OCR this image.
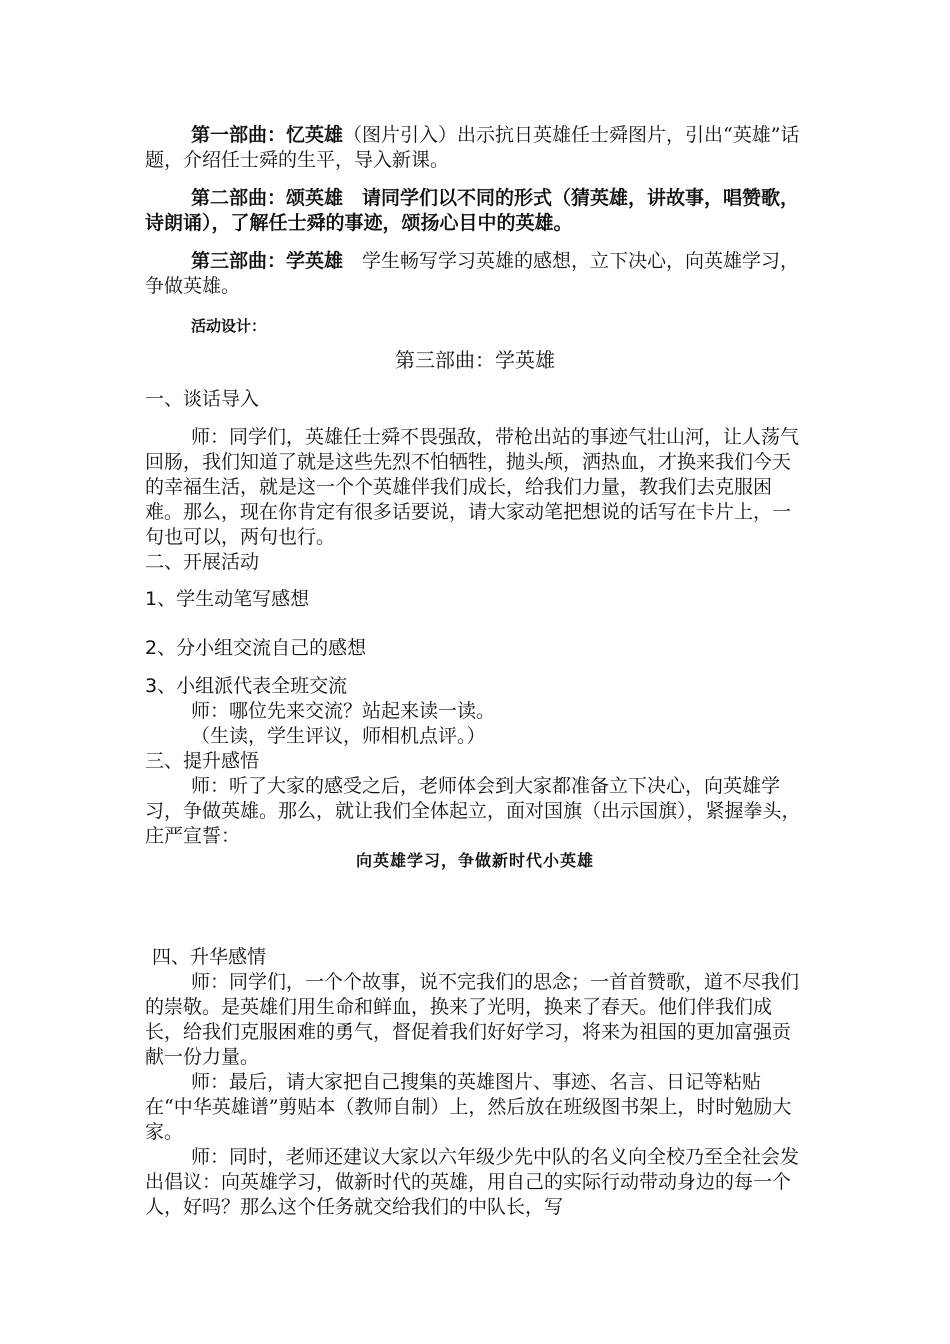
第一部曲：忆英雄（图片引入）出示抗日英雄任士舜图片，引出“英雄”话题，介绍任士舜的生平，导入新课。

第二部曲：颂英雄　 请同学们以不同的形式（猜英雄，讲故事，唱赞歌，诗朗诵），了解任士舜的事迹，颂扬心目中的英雄。

第三部曲：学英雄　 学生畅写学习英雄的感想，立下决心，向英雄学习，争做英雄。

活动设计：

第三部曲：学英雄

一、谈话导入

师：同学们，英雄任士舜不畏强敌，带枪出站的事迹气壮山河，让人荡气回肠，我们知道了就是这些先烈不怕牺牲，抛头颅，洒热血，才换来我们今天的幸福生活，就是这一个个英雄伴我们成长，给我们力量，教我们去克服困难。那么，现在你肯定有很多话要说，请大家动笔把想说的话写在卡片上，一句也可以，两句也行。

二、开展活动

1、学生动笔写感想

2、分小组交流自己的感想

3、小组派代表全班交流

师：哪位先来交流？站起来读一读。

（生读，学生评议，师相机点评。）

三、提升感悟

师：听了大家的感受之后，老师体会到大家都准备立下决心，向英雄学习，争做英雄。那么，就让我们全体起立，面对国旗（出示国旗），紧握拳头，庄严宣誓：

向英雄学习，争做新时代小英雄

四、升华感情

师：同学们，一个个故事，说不完我们的思念；一首首赞歌，道不尽我们的崇敬。是英雄们用生命和鲜血，换来了光明，换来了春天。他们伴我们成长，给我们克服困难的勇气，督促着我们好好学习，将来为祖国的更加富强贡献一份力量。

师：最后，请大家把自己搜集的英雄图片、事迹、名言、日记等粘贴在“中华英雄谱”剪贴本（教师自制）上，然后放在班级图书架上，时时勉励大家。

师：同时，老师还建议大家以六年级少先中队的名义向全校乃至全社会发出倡议：向英雄学习，做新时代的英雄，用自己的实际行动带动身边的每一个人，好吗？那么这个任务就交给我们的中队长，写
